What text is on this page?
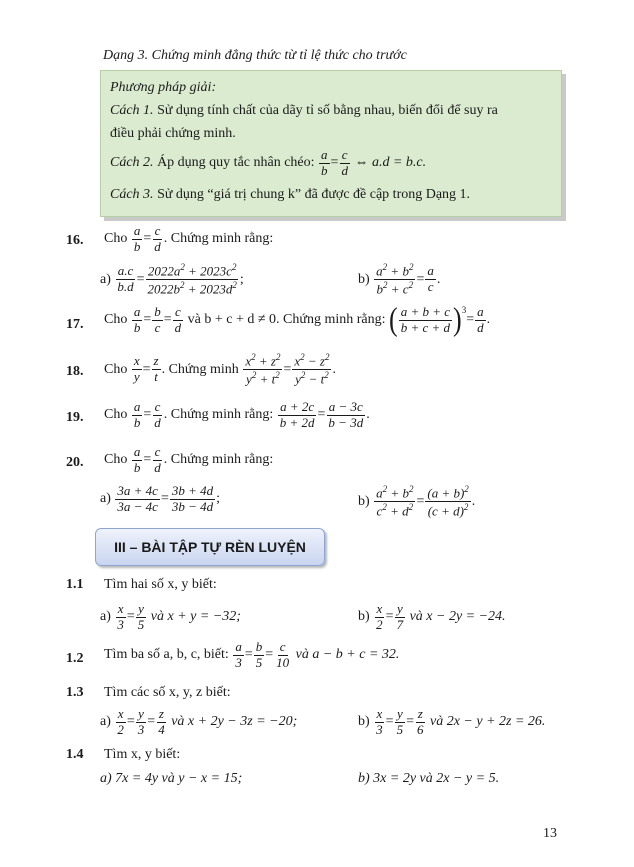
Dạng 3. Chứng minh đẳng thức từ tỉ lệ thức cho trước
Phương pháp giải:
Cách 1. Sử dụng tính chất của dãy tỉ số bằng nhau, biến đổi để suy ra
điều phải chứng minh.
Cách 2.
Áp dụng quy tắc nhân chéo:
$\frac{a}{b} = \frac{c}{d}$ ⇔ a.d = b.c.
Cách 3. Sử dụng “giá trị chung k” đã được đề cập trong Dạng 1.
16. Cho
$\frac{a}{b} = \frac{c}{d}$ . Chứng minh rằng:
$a) \frac{a.c}{b.d} = \frac{2022a^2 + 2023c^2}{2022b^2 + 2023d^2}$ ;	$b) \frac{a^2 + b^2}{b^2 + c^2} = \frac{a}{c}$ .
17. Cho
$\frac{a}{b} = \frac{b}{c} = \frac{c}{d}$
và b + c + d ≠ 0. Chứng minh rằng:
( $\frac{a + b + c}{b + c + d} )^3$
= $\frac{a}{d}$ .
18. Cho
$\frac{x}{y} = \frac{z}{t}$ . Chứng minh
$\frac{x^2 + z^2}{y^2 + t^2} = \frac{x^2 - z^2}{y^2 - t^2}$ .
19. Cho
$\frac{a}{b} = \frac{c}{d}$ . Chứng minh rằng:
$\frac{a + 2c}{b + 2d} = \frac{a - 3c}{b - 3d}$ .
20. Cho
$\frac{a}{b} = \frac{c}{d}$ . Chứng minh rằng:
$a) \frac{3a + 4c}{3a - 4c} = \frac{3b + 4d}{3b - 4d}$ ;	$b) \frac{a^2 + b^2}{c^2 + d^2} = \frac{(a + b)^2}{(c + d)^2}$ .
III – BÀI TẬP TỰ RÈN LUYỆN
1.1 Tìm hai số x, y biết:
$a) \frac{x}{3} = \frac{y}{5}$
và x + y = −32;	$b) \frac{x}{2} = \frac{y}{7}$
và x − 2y = −24.
1.2 Tìm ba số a, b, c, biết:
$\frac{a}{3} = \frac{b}{5} = \frac{c}{10}$
và a − b + c = 32.
1.3 Tìm các số x, y, z biết:
$a) \frac{x}{2} = \frac{y}{3} = \frac{z}{4}$
và x + 2y − 3z = −20;	$b) \frac{x}{3} = \frac{y}{5} = \frac{z}{6}$
và 2x − y + 2z = 26.
1.4 Tìm x, y biết:
a) 7x = 4y và y − x = 15;	b) 3x = 2y và 2x − y = 5.
13
